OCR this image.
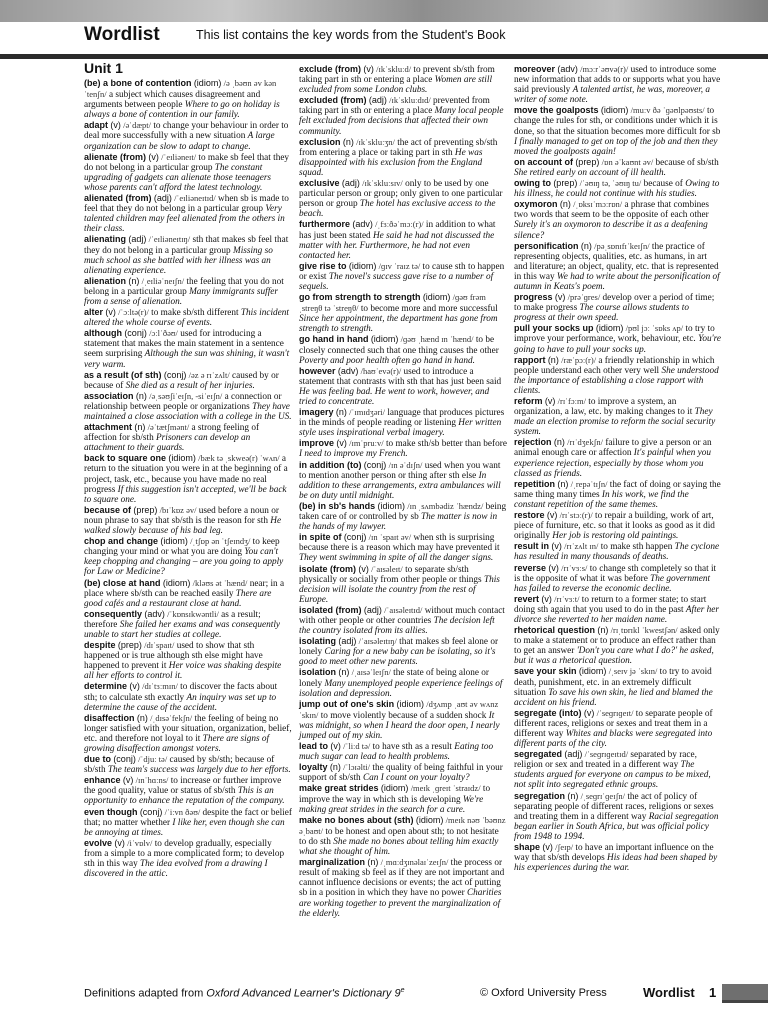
Wordlist	This list contains the key words from the Student's Book
Unit 1
(be) a bone of contention (idiom) /ə ˌbəʊn əv kənˈtenʃn/ a subject which causes disagreement and arguments between people Where to go on holiday is always a bone of contention in our family.
adapt (v) /əˈdæpt/ to change your behaviour in order to deal more successfully with a new situation A large organization can be slow to adapt to change.
alienate (from) (v) /ˈeɪliəneɪt/ to make sb feel that they do not belong in a particular group The constant upgrading of gadgets can alienate those teenagers whose parents can't afford the latest technology.
alienated (from) (adj) /ˈeɪliəneɪtɪd/ when sb is made to feel that they do not belong in a particular group Very talented children may feel alienated from the others in their class.
alienating (adj) /ˈeɪliəneɪtɪŋ/ sth that makes sb feel that they do not belong in a particular group Missing so much school as she battled with her illness was an alienating experience.
alienation (n) /ˌeɪliəˈneɪʃn/ the feeling that you do not belong in a particular group Many immigrants suffer from a sense of alienation.
alter (v) /ˈɔːltə(r)/ to make sb/sth different This incident altered the whole course of events.
although (conj) /ɔːlˈðəʊ/ used for introducing a statement that makes the main statement in a sentence seem surprising Although the sun was shining, it wasn't very warm.
as a result (of sth) (conj) /əz ə rɪˈzʌlt/ caused by or because of She died as a result of her injuries.
association (n) /əˌsəʊʃiˈeɪʃn, -siˈeɪʃn/ a connection or relationship between people or organizations They have maintained a close association with a college in the US.
attachment (n) /əˈtætʃmənt/ a strong feeling of affection for sb/sth Prisoners can develop an attachment to their guards.
back to square one (idiom) /bæk tə ˌskweə(r) ˈwʌn/ a return to the situation you were in at the beginning of a project, task, etc., because you have made no real progress If this suggestion isn't accepted, we'll be back to square one.
because of (prep) /bɪˈkɒz əv/ used before a noun or noun phrase to say that sb/sth is the reason for sth He walked slowly because of his bad leg.
chop and change (idiom) /ˌtʃɒp ən ˈtʃeɪndʒ/ to keep changing your mind or what you are doing You can't keep chopping and changing – are you going to apply for Law or Medicine?
(be) close at hand (idiom) /kləʊs ət ˈhænd/ near; in a place where sb/sth can be reached easily There are good cafés and a restaurant close at hand.
consequently (adv) /ˈkɒnsɪkwəntli/ as a result; therefore She failed her exams and was consequently unable to start her studies at college.
despite (prep) /dɪˈspaɪt/ used to show that sth happened or is true although sth else might have happened to prevent it Her voice was shaking despite all her efforts to control it.
determine (v) /dɪˈtɜːmɪn/ to discover the facts about sth; to calculate sth exactly An inquiry was set up to determine the cause of the accident.
disaffection (n) /ˌdɪsəˈfekʃn/ the feeling of being no longer satisfied with your situation, organization, belief, etc. and therefore not loyal to it There are signs of growing disaffection amongst voters.
due to (conj) /ˈdjuː tə/ caused by sb/sth; because of sb/sth The team's success was largely due to her efforts.
enhance (v) /ɪnˈhɑːns/ to increase or further improve the good quality, value or status of sb/sth This is an opportunity to enhance the reputation of the company.
even though (conj) /ˈiːvn ðəʊ/ despite the fact or belief that; no matter whether I like her, even though she can be annoying at times.
evolve (v) /iˈvɒlv/ to develop gradually, especially from a simple to a more complicated form; to develop sth in this way The idea evolved from a drawing I discovered in the attic.
exclude (from) (v) /ɪkˈskluːd/ to prevent sb/sth from taking part in sth or entering a place Women are still excluded from some London clubs.
excluded (from) (adj) /ɪkˈskluːdɪd/ prevented from taking part in sth or entering a place Many local people felt excluded from decisions that affected their own community.
exclusion (n) /ɪkˈskluːʒn/ the act of preventing sb/sth from entering a place or taking part in sth He was disappointed with his exclusion from the England squad.
exclusive (adj) /ɪkˈskluːsɪv/ only to be used by one particular person or group; only given to one particular person or group The hotel has exclusive access to the beach.
furthermore (adv) /ˌfɜːðəˈmɔː(r)/ in addition to what has just been stated He said he had not discussed the matter with her. Furthermore, he had not even contacted her.
give rise to (idiom) /ɡɪv ˈraɪz tə/ to cause sth to happen or exist The novel's success gave rise to a number of sequels.
go from strength to strength (idiom) /ɡəʊ frəm ˌstreŋθ tə ˈstreŋθ/ to become more and more successful Since her appointment, the department has gone from strength to strength.
go hand in hand (idiom) /ɡəʊ ˌhænd ɪn ˈhænd/ to be closely connected such that one thing causes the other Poverty and poor health often go hand in hand.
however (adv) /haʊˈevə(r)/ used to introduce a statement that contrasts with sth that has just been said He was feeling bad. He went to work, however, and tried to concentrate.
imagery (n) /ˈɪmɪdʒəri/ language that produces pictures in the minds of people reading or listening Her written style uses inspirational verbal imagery.
improve (v) /ɪmˈpruːv/ to make sth/sb better than before I need to improve my French.
in addition (to) (conj) /ɪn əˈdɪʃn/ used when you want to mention another person or thing after sth else In addition to these arrangements, extra ambulances will be on duty until midnight.
(be) in sb's hands (idiom) /ɪn ˌsʌmbədiz ˈhændz/ being taken care of or controlled by sb The matter is now in the hands of my lawyer.
in spite of (conj) /ɪn ˈspaɪt əv/ when sth is surprising because there is a reason which may have prevented it They went swimming in spite of all the danger signs.
isolate (from) (v) /ˈaɪsəleɪt/ to separate sb/sth physically or socially from other people or things This decision will isolate the country from the rest of Europe.
isolated (from) (adj) /ˈaɪsəleɪtɪd/ without much contact with other people or other countries The decision left the country isolated from its allies.
isolating (adj) /ˈaɪsəleɪtɪŋ/ that makes sb feel alone or lonely Caring for a new baby can be isolating, so it's good to meet other new parents.
isolation (n) /ˌaɪsəˈleɪʃn/ the state of being alone or lonely Many unemployed people experience feelings of isolation and depression.
jump out of one's skin (idiom) /dʒʌmp ˌaʊt əv wʌnz ˈskɪn/ to move violently because of a sudden shock It was midnight, so when I heard the door open, I nearly jumped out of my skin.
lead to (v) /ˈliːd tə/ to have sth as a result Eating too much sugar can lead to health problems.
loyalty (n) /ˈlɔɪəlti/ the quality of being faithful in your support of sb/sth Can I count on your loyalty?
make great strides (idiom) /meɪk ˌɡreɪt ˈstraɪdz/ to improve the way in which sth is developing We're making great strides in the search for a cure.
make no bones about (sth) (idiom) /meɪk nəʊ ˈbəʊnz əˌbaʊt/ to be honest and open about sth; to not hesitate to do sth She made no bones about telling him exactly what she thought of him.
marginalization (n) /ˌmɑːdʒɪnəlaɪˈzeɪʃn/ the process or result of making sb feel as if they are not important and cannot influence decisions or events; the act of putting sb in a position in which they have no power Charities are working together to prevent the marginalization of the elderly.
moreover (adv) /mɔːrˈəʊvə(r)/ used to introduce some new information that adds to or supports what you have said previously A talented artist, he was, moreover, a writer of some note.
move the goalposts (idiom) /muːv ðə ˈɡəʊlpəʊsts/ to change the rules for sth, or conditions under which it is done, so that the situation becomes more difficult for sb I finally managed to get on top of the job and then they moved the goalposts again!
on account of (prep) /ɒn əˈkaʊnt əv/ because of sb/sth She retired early on account of ill health.
owing to (prep) /ˈəʊɪŋ tə, ˈəʊɪŋ tu/ because of Owing to his illness, he could not continue with his studies.
oxymoron (n) /ˌɒksɪˈmɔːrɒn/ a phrase that combines two words that seem to be the opposite of each other Surely it's an oxymoron to describe it as a deafening silence?
personification (n) /pəˌsɒnɪfɪˈkeɪʃn/ the practice of representing objects, qualities, etc. as humans, in art and literature; an object, quality, etc. that is represented in this way We had to write about the personification of autumn in Keats's poem.
progress (v) /prəˈɡres/ develop over a period of time; to make progress The course allows students to progress at their own speed.
pull your socks up (idiom) /pʊl jɔː ˈsɒks ʌp/ to try to improve your performance, work, behaviour, etc. You're going to have to pull your socks up.
rapport (n) /ræˈpɔː(r)/ a friendly relationship in which people understand each other very well She understood the importance of establishing a close rapport with clients.
reform (v) /rɪˈfɔːm/ to improve a system, an organization, a law, etc. by making changes to it They made an election promise to reform the social security system.
rejection (n) /rɪˈdʒekʃn/ failure to give a person or an animal enough care or affection It's painful when you experience rejection, especially by those whom you classed as friends.
repetition (n) /ˌrepəˈtɪʃn/ the fact of doing or saying the same thing many times In his work, we find the constant repetition of the same themes.
restore (v) /rɪˈstɔː(r)/ to repair a building, work of art, piece of furniture, etc. so that it looks as good as it did originally Her job is restoring old paintings.
result in (v) /rɪˈzʌlt ɪn/ to make sth happen The cyclone has resulted in many thousands of deaths.
reverse (v) /rɪˈvɜːs/ to change sth completely so that it is the opposite of what it was before The government has failed to reverse the economic decline.
revert (v) /rɪˈvɜːt/ to return to a former state; to start doing sth again that you used to do in the past After her divorce she reverted to her maiden name.
rhetorical question (n) /rɪˌtɒrɪkl ˈkwestʃən/ asked only to make a statement or to produce an effect rather than to get an answer 'Don't you care what I do?' he asked, but it was a rhetorical question.
save your skin (idiom) /ˌseɪv jə ˈskɪn/ to try to avoid death, punishment, etc. in an extremely difficult situation To save his own skin, he lied and blamed the accident on his friend.
segregate (into) (v) /ˈseɡrɪɡeɪt/ to separate people of different races, religions or sexes and treat them in a different way Whites and blacks were segregated into different parts of the city.
segregated (adj) /ˈseɡrɪɡeɪtɪd/ separated by race, religion or sex and treated in a different way The students argued for everyone on campus to be mixed, not split into segregated ethnic groups.
segregation (n) /ˌseɡrɪˈɡeɪʃn/ the act of policy of separating people of different races, religions or sexes and treating them in a different way Racial segregation began earlier in South Africa, but was official policy from 1948 to 1994.
shape (v) /ʃeɪp/ to have an important influence on the way that sb/sth develops His ideas had been shaped by his experiences during the war.
Definitions adapted from Oxford Advanced Learner's Dictionary 9e	© Oxford University Press	Wordlist 1
